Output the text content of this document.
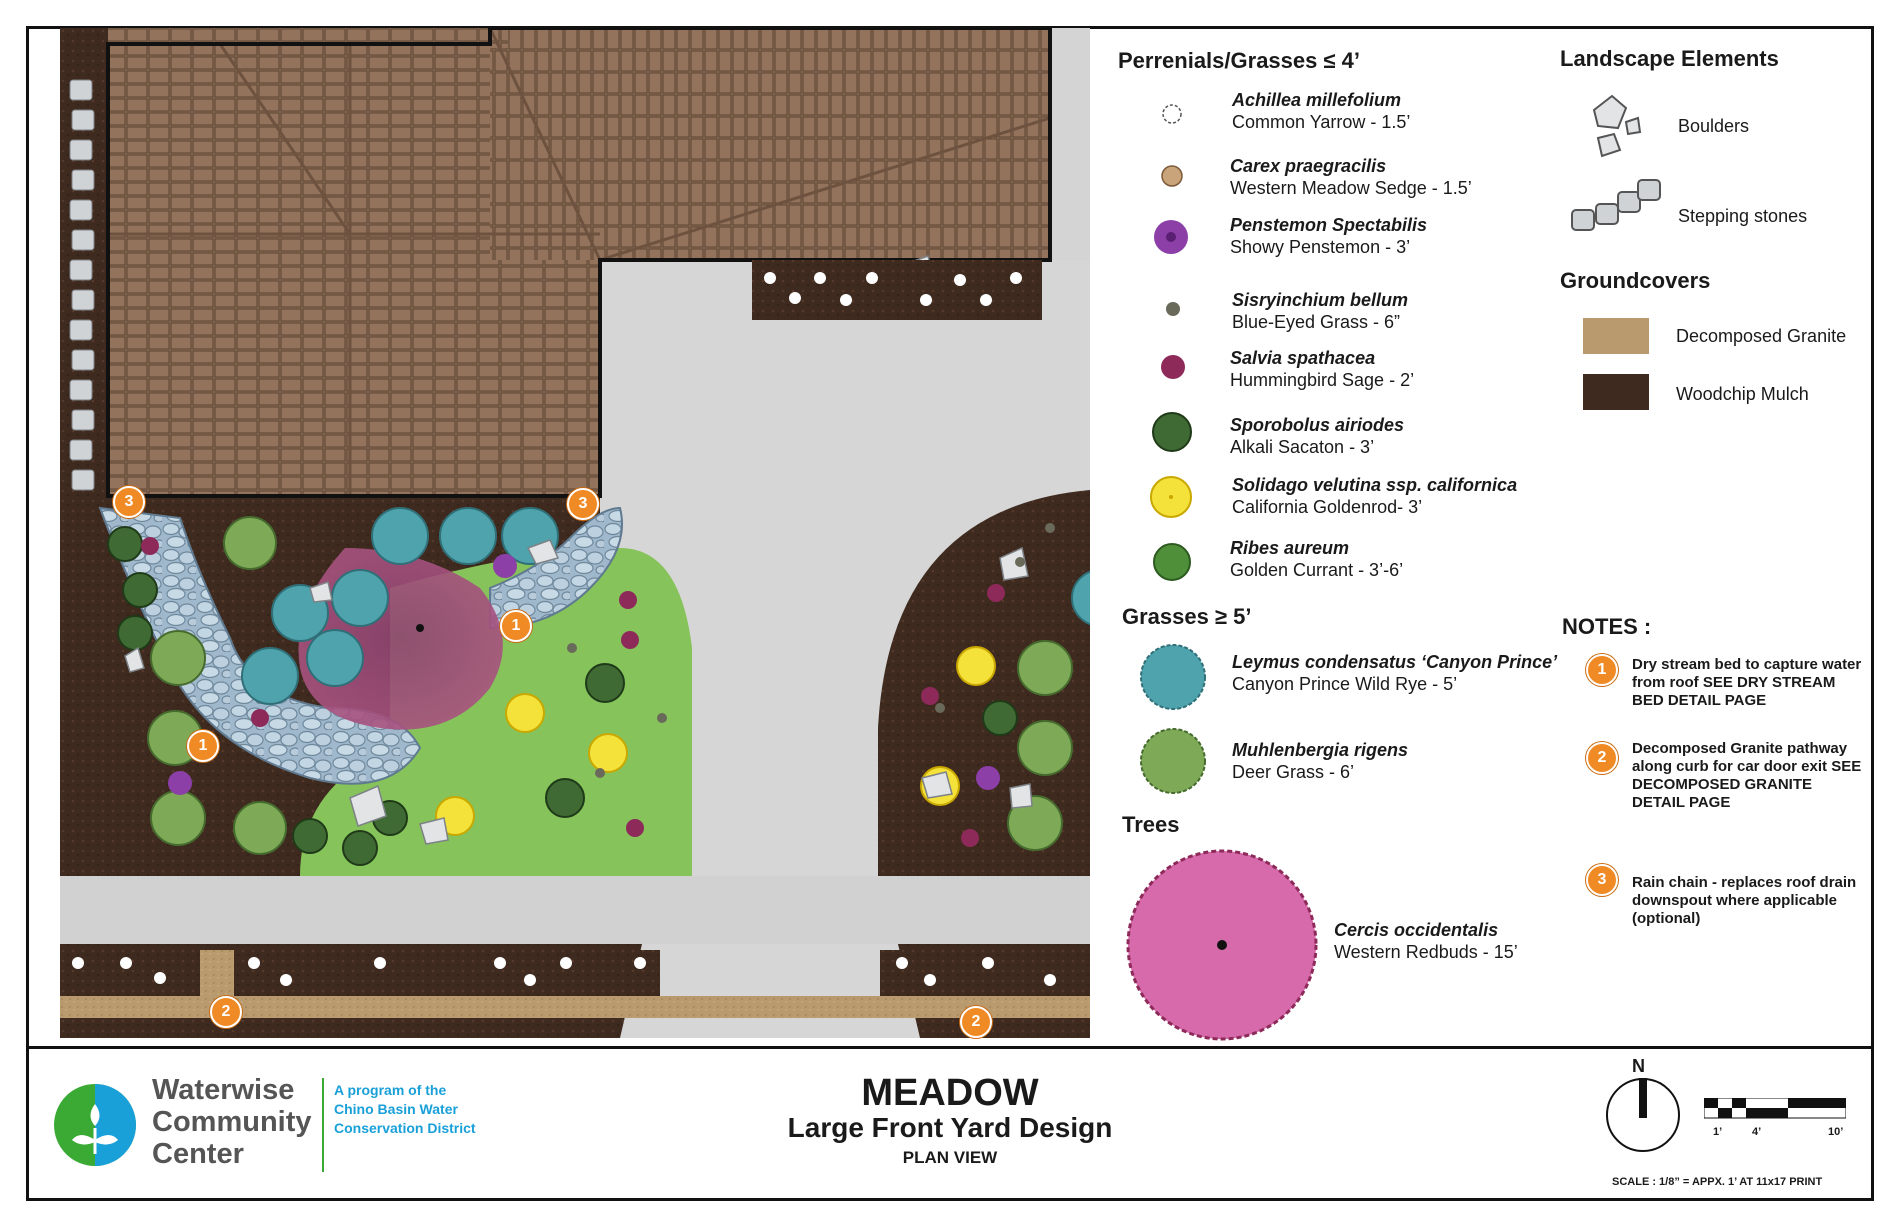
3	3
1
1
2
2
Perrenials/Grasses ≤ 4’
Achillea millefolium
Common Yarrow - 1.5’
Carex praegracilis
Western Meadow Sedge - 1.5’
Penstemon Spectabilis
Showy Penstemon - 3’
Sisryinchium bellum
Blue-Eyed Grass - 6”
Salvia spathacea
Hummingbird Sage - 2’
Sporobolus airiodes
Alkali Sacaton - 3’
Solidago velutina ssp. californica
California Goldenrod- 3’
Ribes aureum
Golden Currant - 3’-6’
Grasses ≥ 5’
Leymus condensatus ‘Canyon Prince’
Canyon Prince Wild Rye - 5’
Muhlenbergia rigens
Deer Grass - 6’
Trees
Cercis occidentalis
Western Redbuds - 15’
Landscape Elements
Boulders
Stepping stones
Groundcovers
Decomposed Granite
Woodchip Mulch
NOTES :
1	Dry stream bed to capture water from roof SEE DRY STREAM BED DETAIL PAGE
2
Decomposed Granite pathway along curb for car door exit SEE DECOMPOSED GRANITE DETAIL PAGE
3	Rain chain - replaces roof drain downspout where applicable (optional)
Waterwise
Community
Center
A program of the
Chino Basin Water
Conservation District
MEADOW
Large Front Yard Design
PLAN VIEW
N
1’	4’	10’
SCALE : 1/8” = APPX. 1’ AT 11x17 PRINT
